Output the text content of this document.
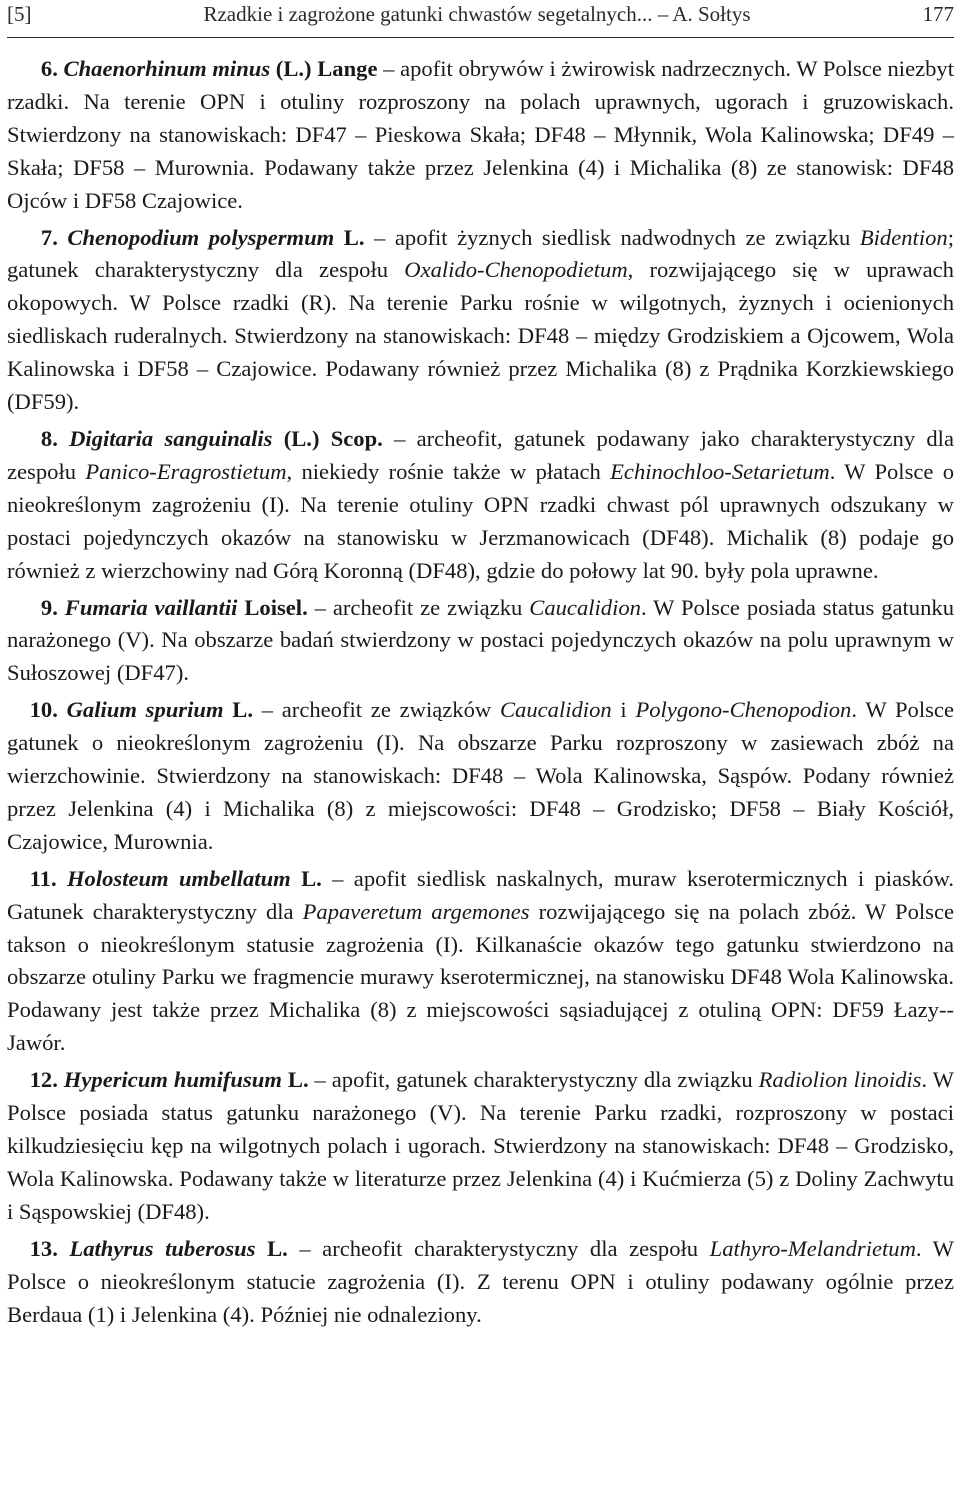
[5]	Rzadkie i zagrożone gatunki chwastów segetalnych... – A. Sołtys	177

  6. Chaenorhinum minus (L.) Lange – apofit obrywów i żwirowisk nadrzecznych. W Polsce niezbyt rzadki. Na terenie OPN i otuliny rozproszony na polach uprawnych, ugorach i gruzowiskach. Stwierdzony na stanowiskach: DF47 – Pieskowa Skała; DF48 – Młynnik, Wola Kalinowska; DF49 – Skała; DF58 – Murownia. Podawany także przez Jelenkina (4) i Michalika (8) ze stanowisk: DF48 Ojców i DF58 Czajowice.

  7. Chenopodium polyspermum L. – apofit żyznych siedlisk nadwodnych ze związku Bidention; gatunek charakterystyczny dla zespołu Oxalido-Chenopodietum, rozwijającego się w uprawach okopowych. W Polsce rzadki (R). Na terenie Parku rośnie w wilgotnych, żyznych i ocienionych siedliskach ruderalnych. Stwierdzony na stanowiskach: DF48 – między Grodziskiem a Ojcowem, Wola Kalinowska i DF58 – Czajowice. Podawany również przez Michalika (8) z Prądnika Korzkiewskiego (DF59).

  8. Digitaria sanguinalis (L.) Scop. – archeofit, gatunek podawany jako charakterystyczny dla zespołu Panico-Eragrostietum, niekiedy rośnie także w płatach Echinochloo-Setarietum. W Polsce o nieokreślonym zagrożeniu (I). Na terenie otuliny OPN rzadki chwast pól uprawnych odszukany w postaci pojedynczych okazów na stanowisku w Jerzmanowicach (DF48). Michalik (8) podaje go również z wierzchowiny nad Górą Koronną (DF48), gdzie do połowy lat 90. były pola uprawne.

  9. Fumaria vaillantii Loisel. – archeofit ze związku Caucalidion. W Polsce posiada status gatunku narażonego (V). Na obszarze badań stwierdzony w postaci pojedynczych okazów na polu uprawnym w Sułoszowej (DF47).

 10. Galium spurium L. – archeofit ze związków Caucalidion i Polygono-Chenopodion. W Polsce gatunek o nieokreślonym zagrożeniu (I). Na obszarze Parku rozproszony w zasiewach zbóż na wierzchowinie. Stwierdzony na stanowiskach: DF48 – Wola Kalinowska, Sąspów. Podany również przez Jelenkina (4) i Michalika (8) z miejscowości: DF48 – Grodzisko; DF58 – Biały Kościół, Czajowice, Murownia.

 11. Holosteum umbellatum L. – apofit siedlisk naskalnych, muraw kserotermicznych i piasków. Gatunek charakterystyczny dla Papaveretum argemones rozwijającego się na polach zbóż. W Polsce takson o nieokreślonym statusie zagrożenia (I). Kilkanaście okazów tego gatunku stwierdzono na obszarze otuliny Parku we fragmencie murawy kserotermicznej, na stanowisku DF48 Wola Kalinowska. Podawany jest także przez Michalika (8) z miejscowości sąsiadującej z otuliną OPN: DF59 Łazy--Jawór.

 12. Hypericum humifusum L. – apofit, gatunek charakterystyczny dla związku Radiolion linoidis. W Polsce posiada status gatunku narażonego (V). Na terenie Parku rzadki, rozproszony w postaci kilkudziesięciu kęp na wilgotnych polach i ugorach. Stwierdzony na stanowiskach: DF48 – Grodzisko, Wola Kalinowska. Podawany także w literaturze przez Jelenkina (4) i Kućmierza (5) z Doliny Zachwytu i Sąspowskiej (DF48).

 13. Lathyrus tuberosus L. – archeofit charakterystyczny dla zespołu Lathyro-Melandrietum. W Polsce o nieokreślonym statucie zagrożenia (I). Z terenu OPN i otuliny podawany ogólnie przez Berdaua (1) i Jelenkina (4). Później nie odnaleziony.
